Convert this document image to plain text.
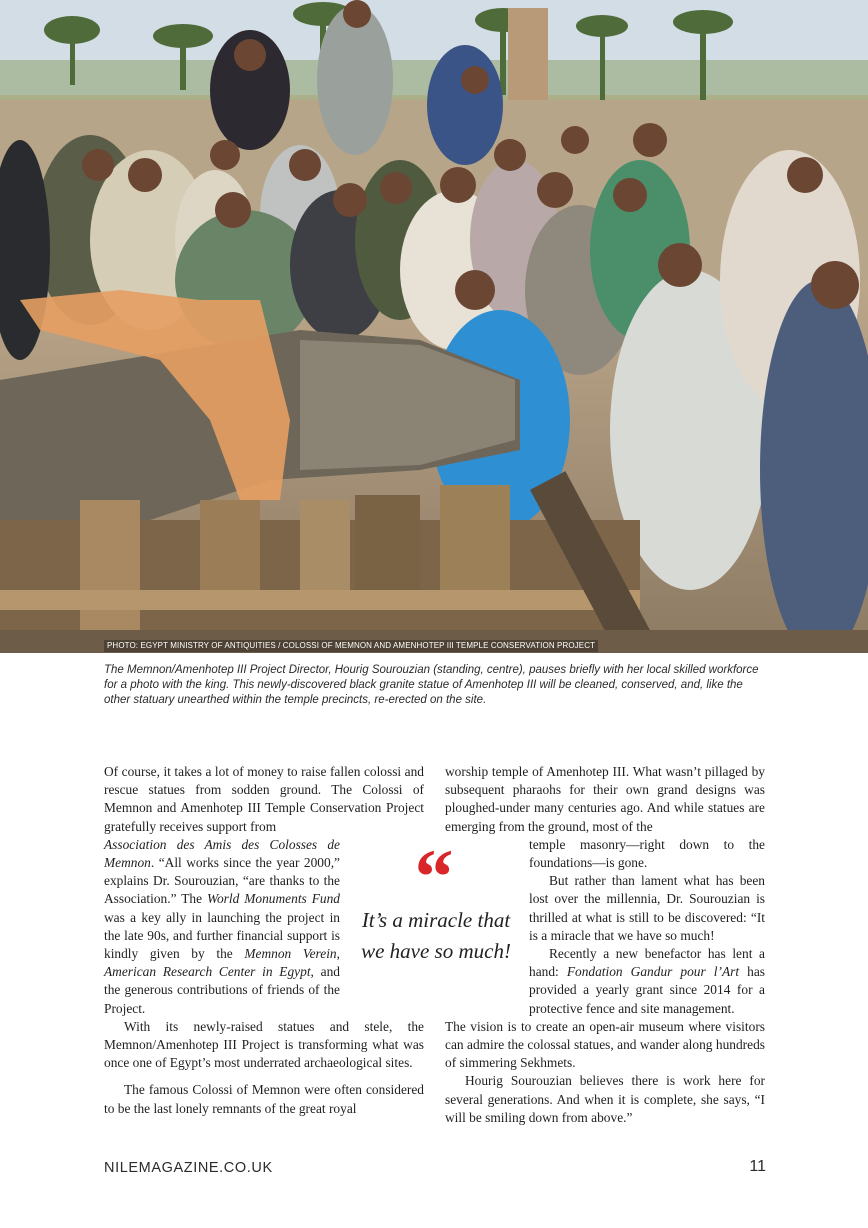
PHOTO: EGYPT MINISTRY OF ANTIQUITIES / COLOSSI OF MEMNON AND AMENHOTEP III TEMPLE CONSERVATION PROJECT
The Memnon/Amenhotep III Project Director, Hourig Sourouzian (standing, centre), pauses briefly with her local skilled workforce for a photo with the king. This newly-discovered black granite statue of Amenhotep III will be cleaned, conserved, and, like the other statuary unearthed within the temple precincts, re-erected on the site.

Of course, it takes a lot of money to raise fallen colossi and rescue statues from sodden ground. The Colossi of Memnon and Amenhotep III Temple Conservation Project gratefully receives support from

Association des Amis des Colosses de Memnon. “All works since the year 2000,” explains Dr. Sourouzian, “are thanks to the Association.” The World Monuments Fund was a key ally in launching the project in the late 90s, and further financial support is kindly given by the Memnon Verein, American Research Center in Egypt, and the generous contributions of friends of the Project.

With its newly-raised statues and stele, the Memnon/Amenhotep III Project is transforming what was once one of Egypt’s most underrated archaeological sites.

The famous Colossi of Memnon were often considered to be the last lonely remnants of the great royal

“
It’s a miracle that we have so much!

worship temple of Amenhotep III. What wasn’t pillaged by subsequent pharaohs for their own grand designs was ploughed-under many centuries ago. And while statues are emerging from the ground, most of the

temple masonry—right down to the foundations—is gone.

But rather than lament what has been lost over the millennia, Dr. Sourouzian is thrilled at what is still to be discovered: “It is a miracle that we have so much!

Recently a new benefactor has lent a hand: Fondation Gandur pour l’Art has provided a yearly grant since 2014 for a protective fence and site management.

The vision is to create an open-air museum where visitors can admire the colossal statues, and wander along hundreds of simmering Sekhmets.

Hourig Sourouzian believes there is work here for several generations. And when it is complete, she says, “I will be smiling down from above.”

NILEMAGAZINE.CO.UK	11
